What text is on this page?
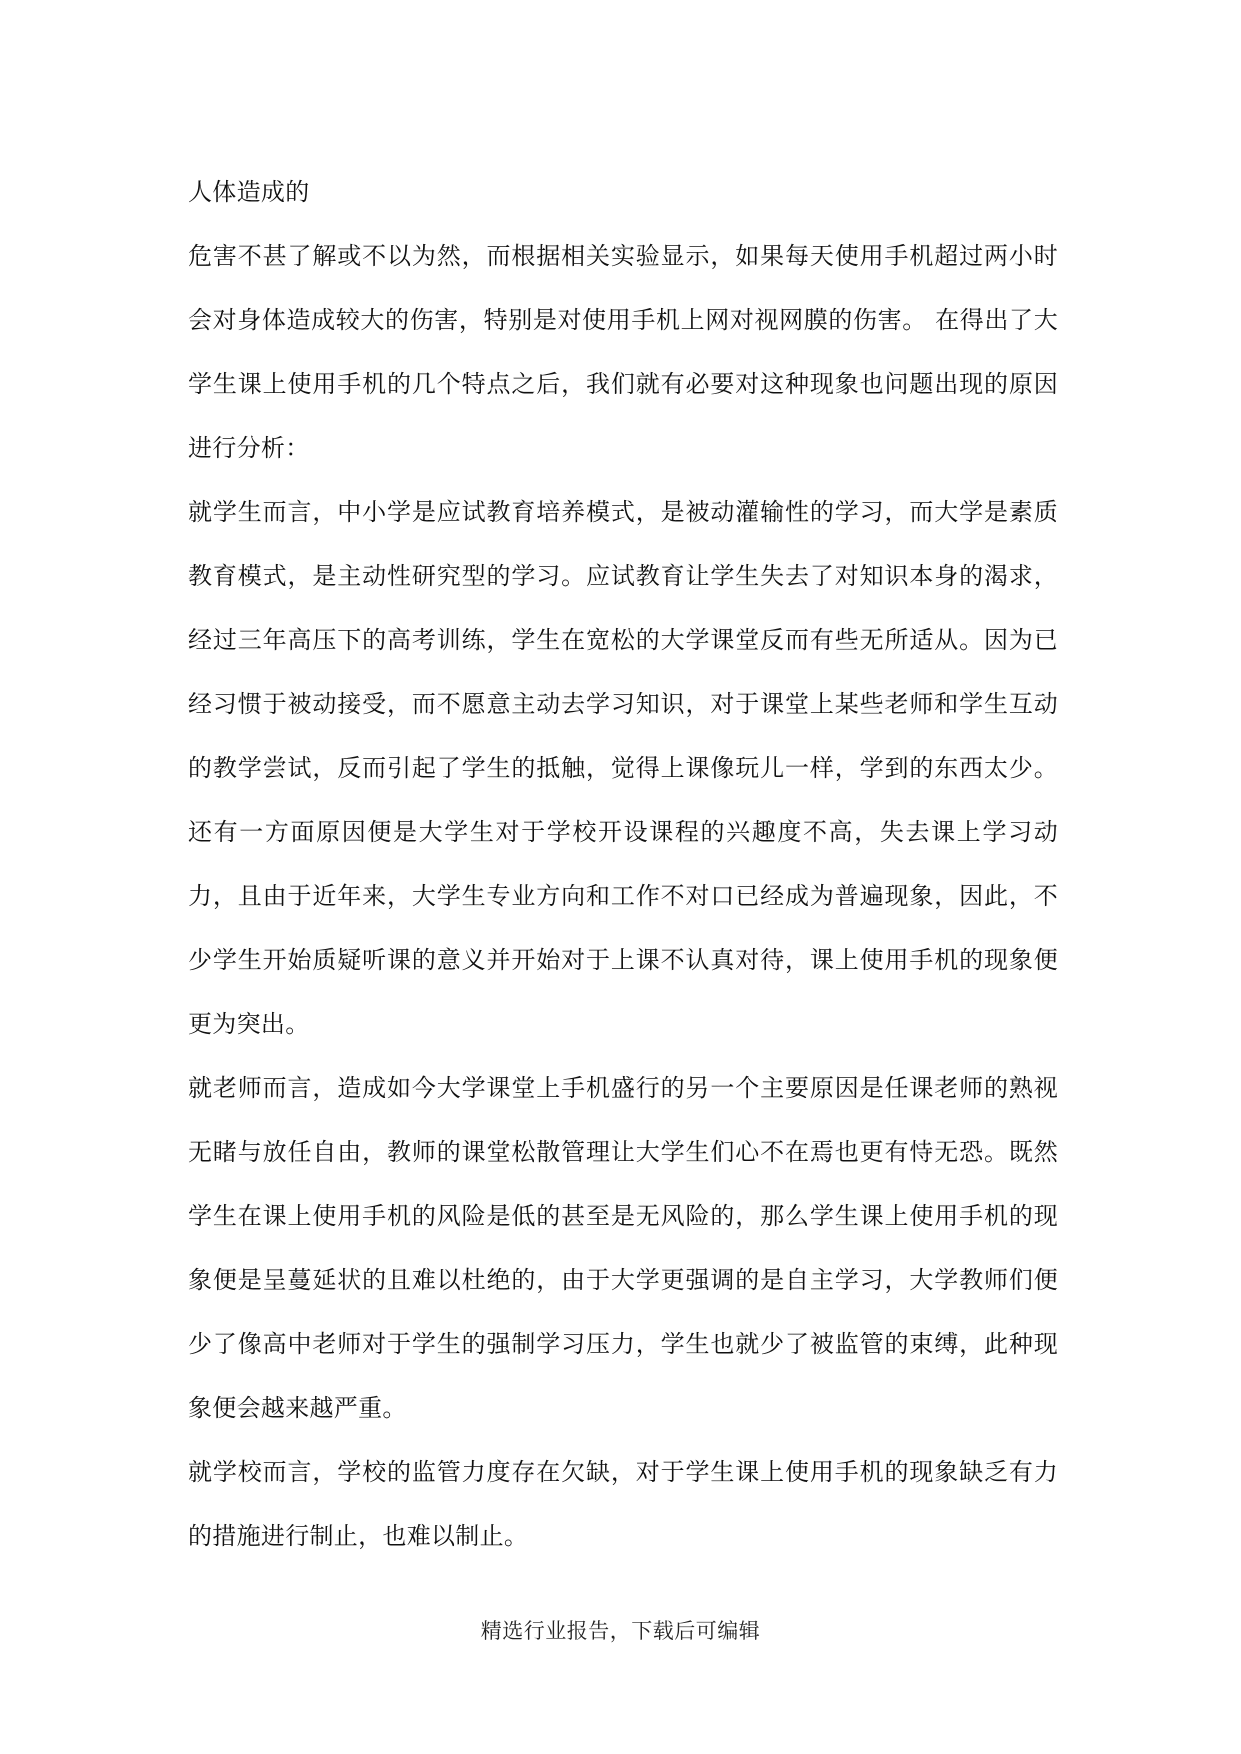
人体造成的

危害不甚了解或不以为然，而根据相关实验显示，如果每天使用手机超过两小时会对身体造成较大的伤害，特别是对使用手机上网对视网膜的伤害。 在得出了大学生课上使用手机的几个特点之后，我们就有必要对这种现象也问题出现的原因进行分析：

就学生而言，中小学是应试教育培养模式，是被动灌输性的学习，而大学是素质教育模式，是主动性研究型的学习。应试教育让学生失去了对知识本身的渴求，经过三年高压下的高考训练，学生在宽松的大学课堂反而有些无所适从。因为已经习惯于被动接受，而不愿意主动去学习知识，对于课堂上某些老师和学生互动的教学尝试，反而引起了学生的抵触，觉得上课像玩儿一样，学到的东西太少。还有一方面原因便是大学生对于学校开设课程的兴趣度不高，失去课上学习动力，且由于近年来，大学生专业方向和工作不对口已经成为普遍现象，因此，不少学生开始质疑听课的意义并开始对于上课不认真对待，课上使用手机的现象便更为突出。

就老师而言，造成如今大学课堂上手机盛行的另一个主要原因是任课老师的熟视无睹与放任自由，教师的课堂松散管理让大学生们心不在焉也更有恃无恐。既然学生在课上使用手机的风险是低的甚至是无风险的，那么学生课上使用手机的现象便是呈蔓延状的且难以杜绝的，由于大学更强调的是自主学习，大学教师们便少了像高中老师对于学生的强制学习压力，学生也就少了被监管的束缚，此种现象便会越来越严重。

就学校而言，学校的监管力度存在欠缺，对于学生课上使用手机的现象缺乏有力的措施进行制止，也难以制止。

精选行业报告，下载后可编辑
